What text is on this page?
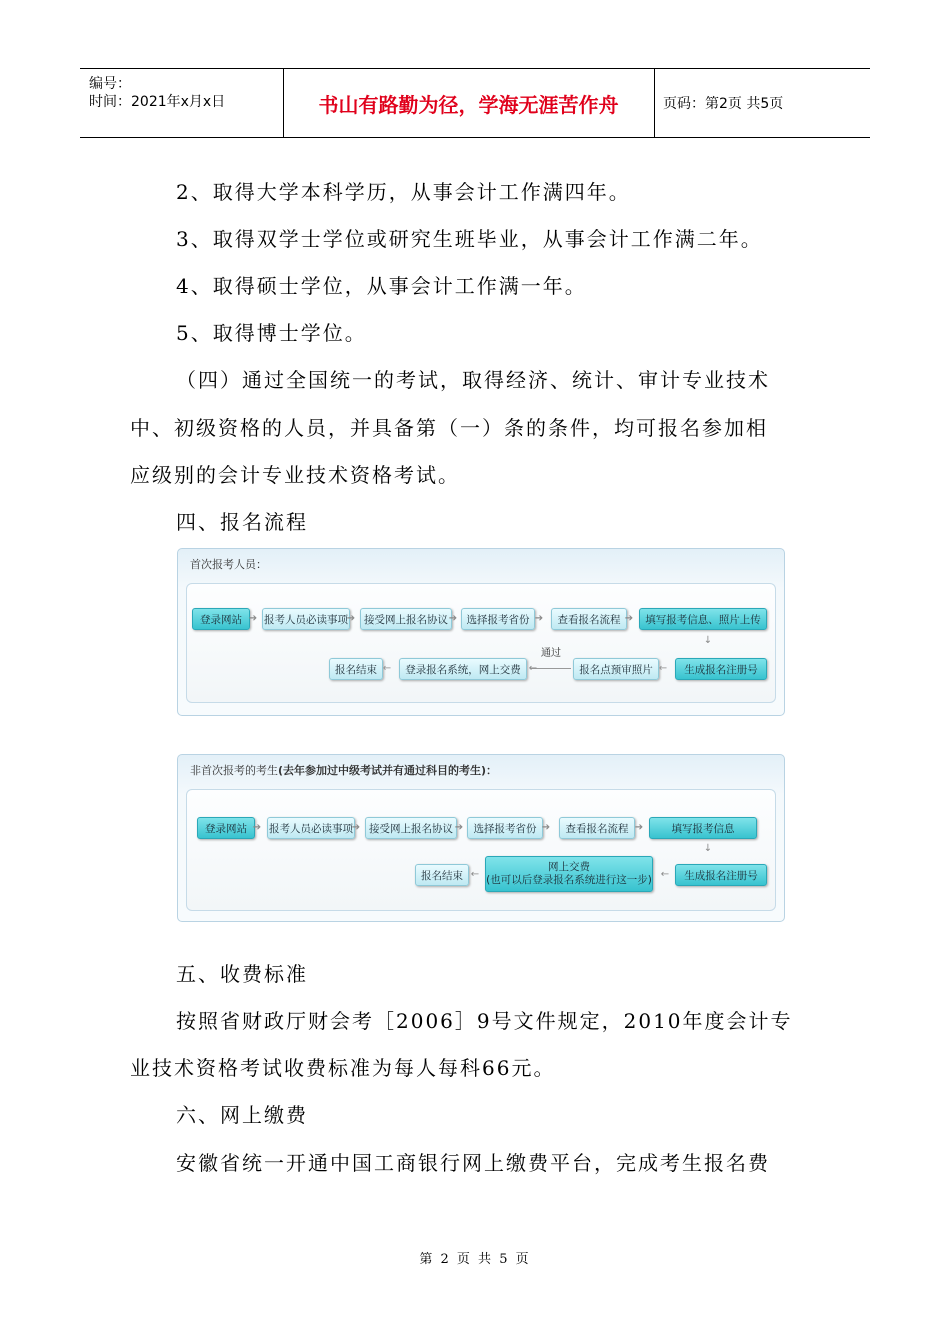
编号：
时间：2021年x月x日	书山有路勤为径，学海无涯苦作舟	页码：第2页 共5页
2、取得大学本科学历，从事会计工作满四年。
3、取得双学士学位或研究生班毕业，从事会计工作满二年。
4、取得硕士学位，从事会计工作满一年。
5、取得博士学位。
（四）通过全国统一的考试，取得经济、统计、审计专业技术
中、初级资格的人员，并具备第（一）条的条件，均可报名参加相
应级别的会计专业技术资格考试。
四、报名流程
首次报考人员：
登录网站 ➔ 报考人员必读事项
➔ 接受网上报名协议 ➔ 选择报考省份 ➔	查看报名流程 ➔	填写报考信息、照片上传
↓
生成报名注册号
←
报名点预审照片
通过
←
登录报名系统，网上交费
←
报名结束
非首次报考的考生(去年参加过中级考试并有通过科目的考生)：
登录网站 ➔ 报考人员必读事项
➔ 接受网上报名协议 ➔ 选择报考省份 ➔	查看报名流程 ➔	填写报考信息
↓
生成报名注册号
←
网上交费
(也可以后登录报名系统进行这一步)
←
报名结束
五、收费标准
按照省财政厅财会考［2006］9号文件规定，2010年度会计专
业技术资格考试收费标准为每人每科66元。
六、网上缴费
安徽省统一开通中国工商银行网上缴费平台，完成考生报名费
第 2 页 共 5 页
